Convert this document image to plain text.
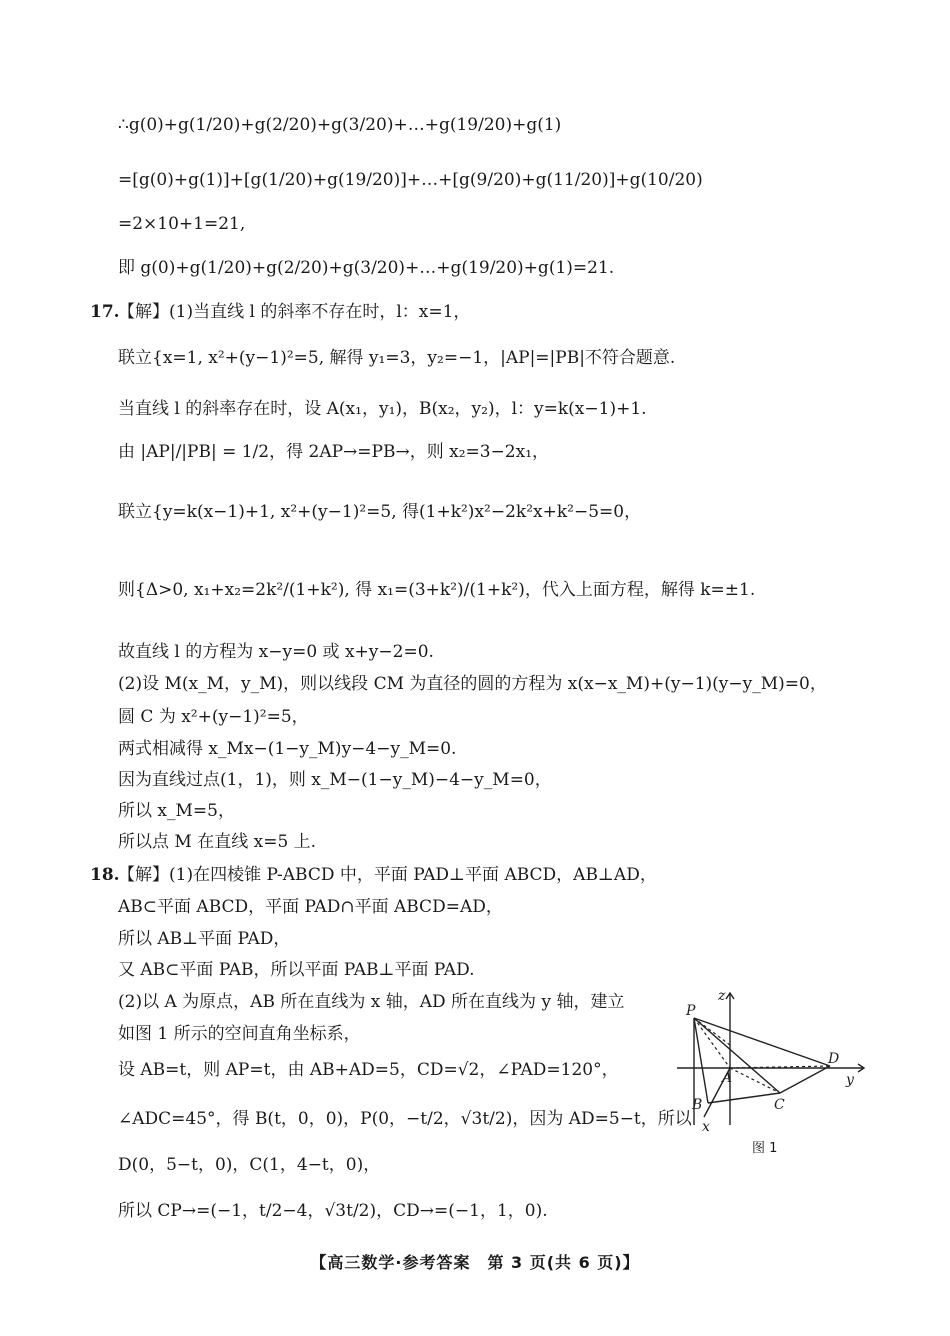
∴g(0)+g(1/20)+g(2/20)+g(3/20)+…+g(19/20)+g(1)
=[g(0)+g(1)]+[g(1/20)+g(19/20)]+…+[g(9/20)+g(11/20)]+g(10/20)
=2×10+1=21,
即 g(0)+g(1/20)+g(2/20)+g(3/20)+…+g(19/20)+g(1)=21.
17.
【解】(1)当直线 l 的斜率不存在时，l：x=1，
联立{x=1, x²+(y−1)²=5, 解得 y₁=3，y₂=−1，|AP|=|PB|不符合题意.
当直线 l 的斜率存在时，设 A(x₁，y₁)，B(x₂，y₂)，l：y=k(x−1)+1.
由 |AP|/|PB| = 1/2，得 2AP→=PB→，则 x₂=3−2x₁，
联立{y=k(x−1)+1, x²+(y−1)²=5, 得(1+k²)x²−2k²x+k²−5=0，
则{Δ>0, x₁+x₂=2k²/(1+k²), 得 x₁=(3+k²)/(1+k²)，代入上面方程，解得 k=±1.
故直线 l 的方程为 x−y=0 或 x+y−2=0.
(2)设 M(x_M，y_M)，则以线段 CM 为直径的圆的方程为 x(x−x_M)+(y−1)(y−y_M)=0，
圆 C 为 x²+(y−1)²=5，
两式相减得 x_Mx−(1−y_M)y−4−y_M=0.
因为直线过点(1，1)，则 x_M−(1−y_M)−4−y_M=0，
所以 x_M=5，
所以点 M 在直线 x=5 上.
18.
【解】(1)在四棱锥 P-ABCD 中，平面 PAD⊥平面 ABCD，AB⊥AD，
AB⊂平面 ABCD，平面 PAD∩平面 ABCD=AD，
所以 AB⊥平面 PAD，
又 AB⊂平面 PAB，所以平面 PAB⊥平面 PAD.
(2)以 A 为原点，AB 所在直线为 x 轴，AD 所在直线为 y 轴，建立
如图 1 所示的空间直角坐标系，
设 AB=t，则 AP=t，由 AB+AD=5，CD=√2，∠PAD=120°，
∠ADC=45°，得 B(t，0，0)，P(0，−t/2，√3t/2)，因为 AD=5−t，所以
D(0，5−t，0)，C(1，4−t，0)，
所以 CP→=(−1，t/2−4，√3t/2)，CD→=(−1，1，0).
P
z
A
D
y
B	C
x
图 1
【高三数学·参考答案　第 3 页(共 6 页)】
